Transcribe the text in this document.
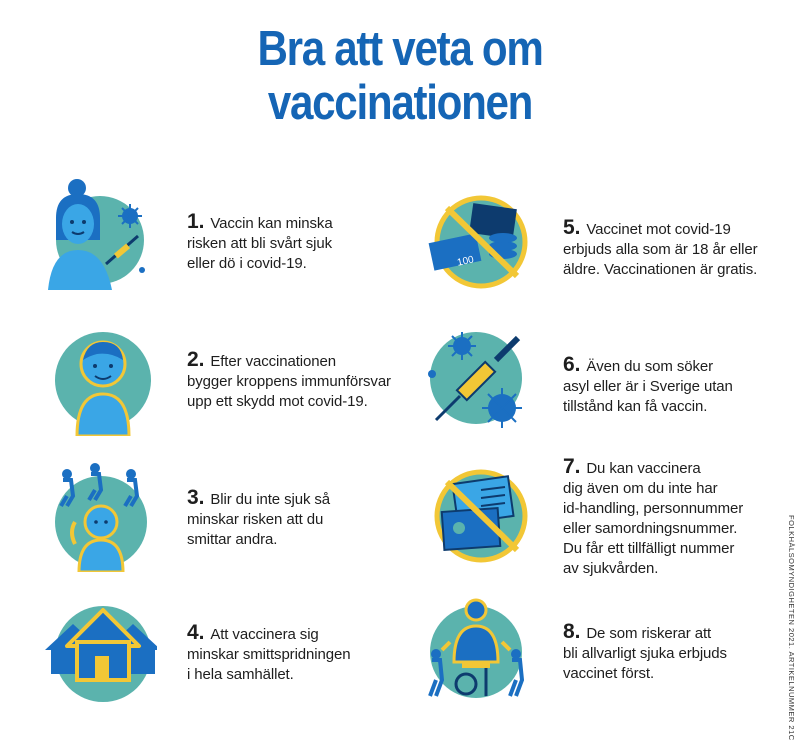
Bra att veta om
vaccinationen
1. Vaccin kan minska
risken att bli svårt sjuk
eller dö i covid-19.
2. Efter vaccinationen
bygger kroppens immunförsvar
upp ett skydd mot covid-19.
3. Blir du inte sjuk så
minskar risken att du
smittar andra.
4. Att vaccinera sig
minskar smittspridningen
i hela samhället.
100
5. Vaccinet mot covid-19
erbjuds alla som är 18 år eller
äldre. Vaccinationen är gratis.
6. Även du som söker
asyl eller är i Sverige utan
tillstånd kan få vaccin.
7. Du kan vaccinera
dig även om du inte har
id-handling, personnummer
eller samordningsnummer.
Du får ett tillfälligt nummer
av sjukvården.
8. De som riskerar att
bli allvarligt sjuka erbjuds
vaccinet först.	FOLKHÄLSOMYNDIGHETEN 2021. ARTIKELNUMMER 21C
